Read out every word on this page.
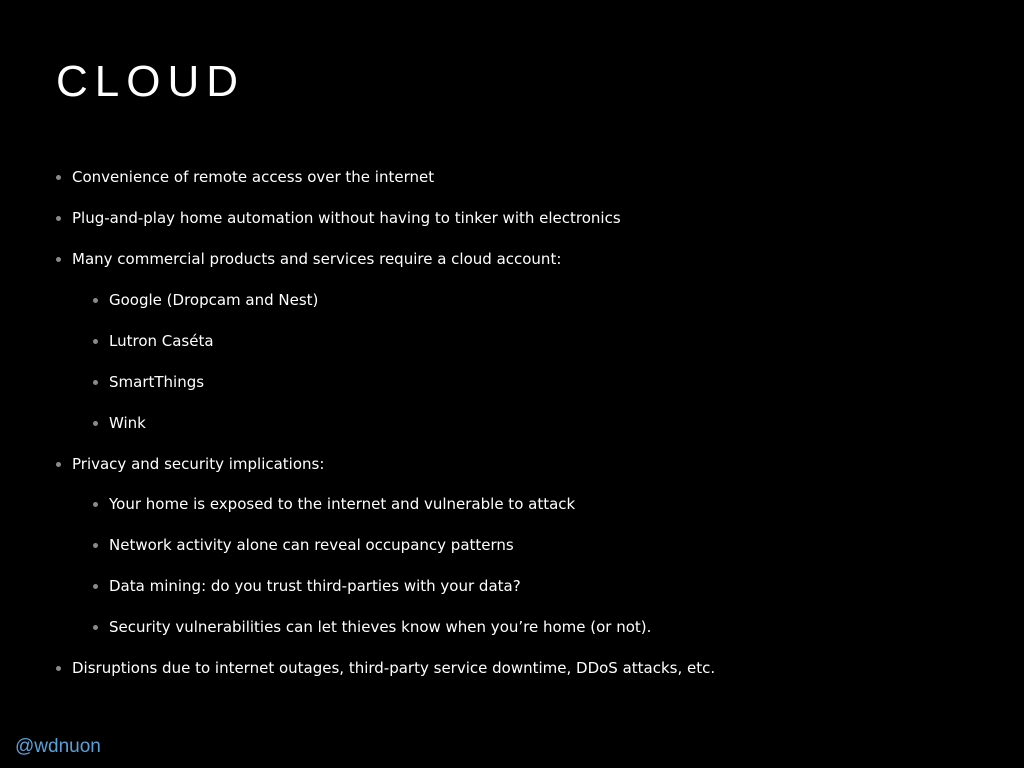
CLOUD
Convenience of remote access over the internet
Plug-and-play home automation without having to tinker with electronics
Many commercial products and services require a cloud account:
Google (Dropcam and Nest)
Lutron Caséta
SmartThings
Wink
Privacy and security implications:
Your home is exposed to the internet and vulnerable to attack
Network activity alone can reveal occupancy patterns
Data mining: do you trust third-parties with your data?
Security vulnerabilities can let thieves know when you’re home (or not).
Disruptions due to internet outages, third-party service downtime, DDoS attacks, etc.
@wdnuon
